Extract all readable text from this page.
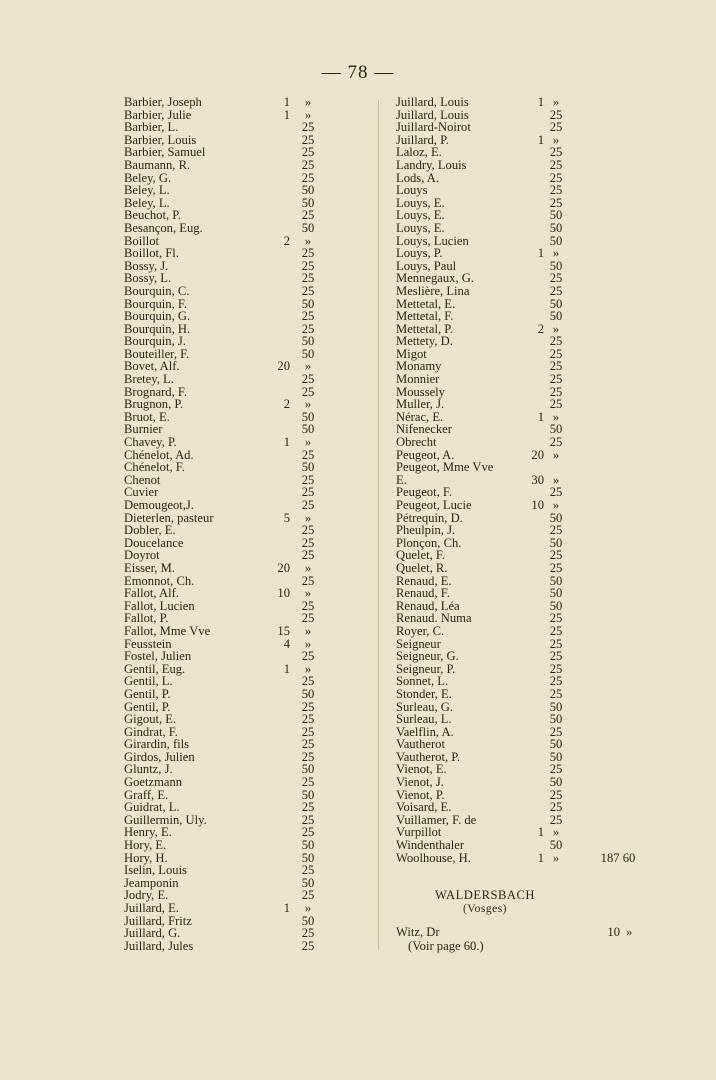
— 78 —
Barbier, Joseph	1	»
Barbier, Julie	1	»
Barbier, L.	25
Barbier, Louis	25
Barbier, Samuel	25
Baumann, R.	25
Beley, G.	25
Beley, L.	50
Beley, L.	50
Beuchot, P.	25
Besançon, Eug.	50
Boillot	2	»
Boillot, Fl.	25
Bossy, J.	25
Bossy, L.	25
Bourquin, C.	25
Bourquin, F.	50
Bourquin, G.	25
Bourquin, H.	25
Bourquin, J.	50
Bouteiller, F.	50
Bovet, Alf.	20	»
Bretey, L.	25
Brognard, F.	25
Brugnon, P.	2	»
Bruot, E.	50
Burnier	50
Chavey, P.	1	»
Chénelot, Ad.	25
Chénelot, F.	50
Chenot	25
Cuvier	25
Demougeot,J.	25
Dieterlen, pasteur	5	»
Dobler, E.	25
Doucelance	25
Doyrot	25
Eisser, M.	20	»
Emonnot, Ch.	25
Fallot, Alf.	10	»
Fallot, Lucien	25
Fallot, P.	25
Fallot, Mme Vve	15	»
Feusstein	4	»
Fostel, Julien	25
Gentil, Eug.	1	»
Gentil, L.	25
Gentil, P.	50
Gentil, P.	25
Gigout, E.	25
Gindrat, F.	25
Girardin, fils	25
Girdos, Julien	25
Gluntz, J.	50
Goetzmann	25
Graff, E.	50
Guidrat, L.	25
Guillermin, Uly.	25
Henry, E.	25
Hory, E.	50
Hory, H.	50
Iselin, Louis	25
Jeamponin	50
Jodry, E.	25
Juillard, E.	1	»
Juillard, Fritz	50
Juillard, G.	25
Juillard, Jules	25
Juillard, Louis	1 »
Juillard, Louis	25
Juillard-Noirot	25
Juillard, P.	1 »
Laloz, E.	25
Landry, Louis	25
Lods, A.	25
Louys	25
Louys, E.	25
Louys, E.	50
Louys, E.	50
Louys, Lucien	50
Louys, P.	1 »
Louys, Paul	50
Mennegaux, G.	25
Meslière, Lina	25
Mettetal, E.	50
Mettetal, F.	50
Mettetal, P.	2 »
Mettety, D.	25
Migot	25
Monamy	25
Monnier	25
Moussely	25
Muller, J.	25
Nérac, E.	1 »
Nifenecker	50
Obrecht	25
Peugeot, A.	20 »
Peugeot, Mme Vve
E.	30 »
Peugeot, F.	25
Peugeot, Lucie	10 »
Pétrequin, D.	50
Pheulpin, J.	25
Plonçon, Ch.	50
Quelet, F.	25
Quelet, R.	25
Renaud, E.	50
Renaud, F.	50
Renaud, Léa	50
Renaud. Numa	25
Royer, C.	25
Seigneur	25
Seigneur, G.	25
Seigneur, P.	25
Sonnet, L.	25
Stonder, E.	25
Surleau, G.	50
Surleau, L.	50
Vaelflin, A.	25
Vautherot	50
Vautherot, P.	50
Vienot, E.	25
Vienot, J.	50
Vienot, P.	25
Voisard, E.	25
Vuillamer, F. de	25
Vurpillot	1 »
Windenthaler	50
Woolhouse, H.	1 »	187 60
WALDERSBACH
(Vosges)
Witz, Dr	10 »
(Voir page 60.)
